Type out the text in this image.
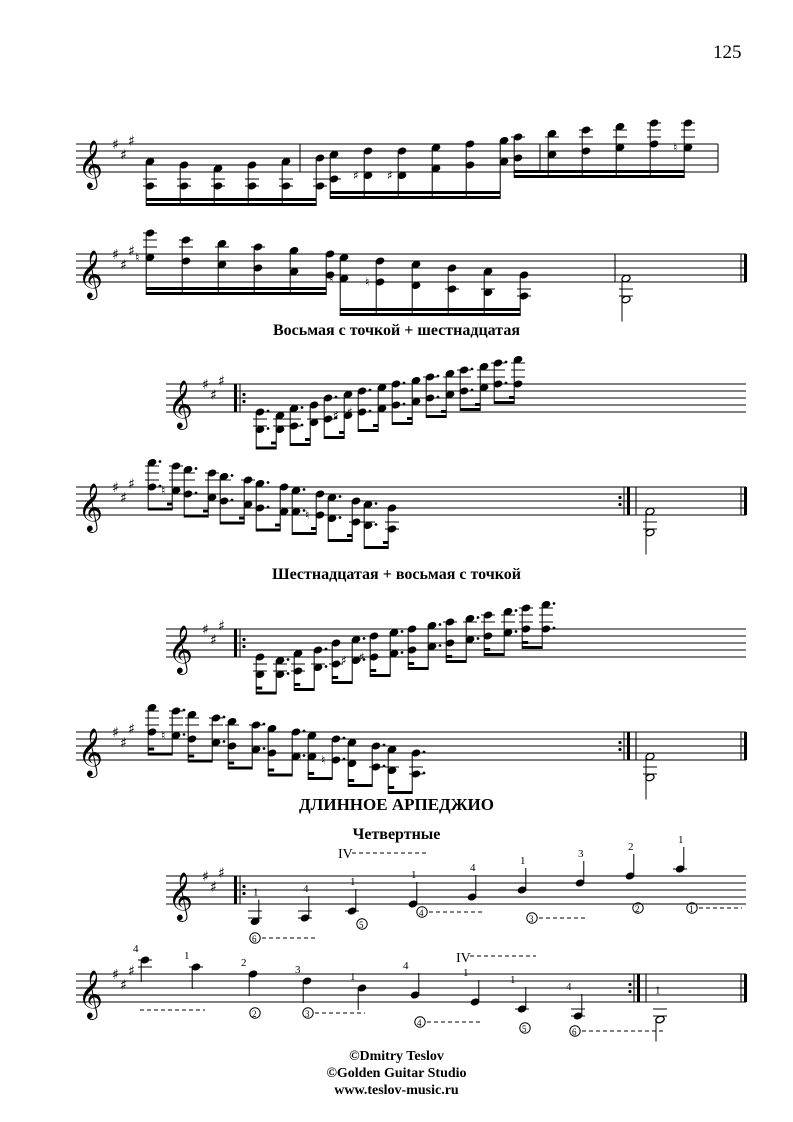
125
𝄞 ♯
♯
♯
♯ ♯
♮
𝄞 ♯
♯
♯ ♮
♮	♮
Восьмая с точкой + шестнадцатая
𝄞 ♯
♯
♯
♯ ♯
𝄞 ♯
♯
♯ ♮
♮ ♮
Шестнадцатая + восьмая с точкой
𝄞 ♯
♯
♯
♯ ♯
𝄞 ♯
♯
♯ ♮
♮ ♮
ДЛИННОЕ АРПЕДЖИО
Четвертные
𝄞 ♯
♯
♯
1	4
1
1
4
1
3
2
1
IV
6
5
4
3
2	1
𝄞 ♯
♯
♯
4
1
2
3
1
4
1
1
4
IV
1
2	3
4
5	6
©Dmitry Teslov
©Golden Guitar Studio
www.teslov-music.ru
